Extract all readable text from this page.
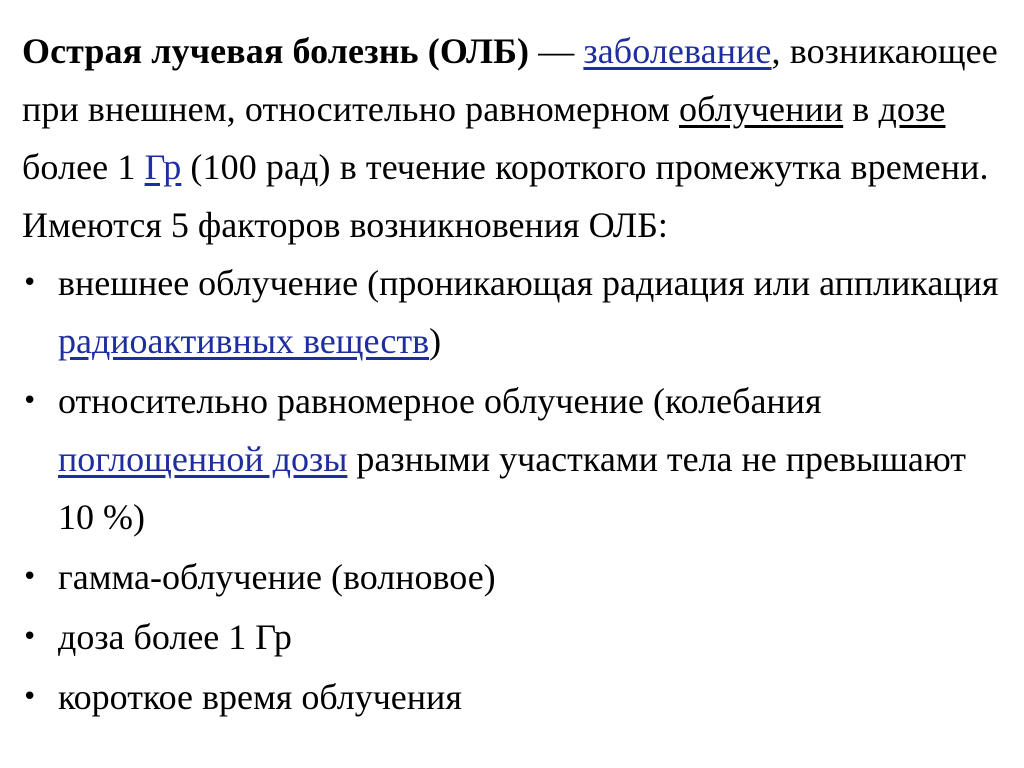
Острая лучевая болезнь (ОЛБ) — заболевание, возникающее при внешнем, относительно равномерном облучении в дозе более 1 Гр (100 рад) в течение короткого промежутка времени.

Имеются 5 факторов возникновения ОЛБ:

• внешнее облучение (проникающая радиация или аппликация радиоактивных веществ)
• относительно равномерное облучение (колебания поглощенной дозы разными участками тела не превышают 10 %)
• гамма-облучение (волновое)
• доза более 1 Гр
• короткое время облучения
